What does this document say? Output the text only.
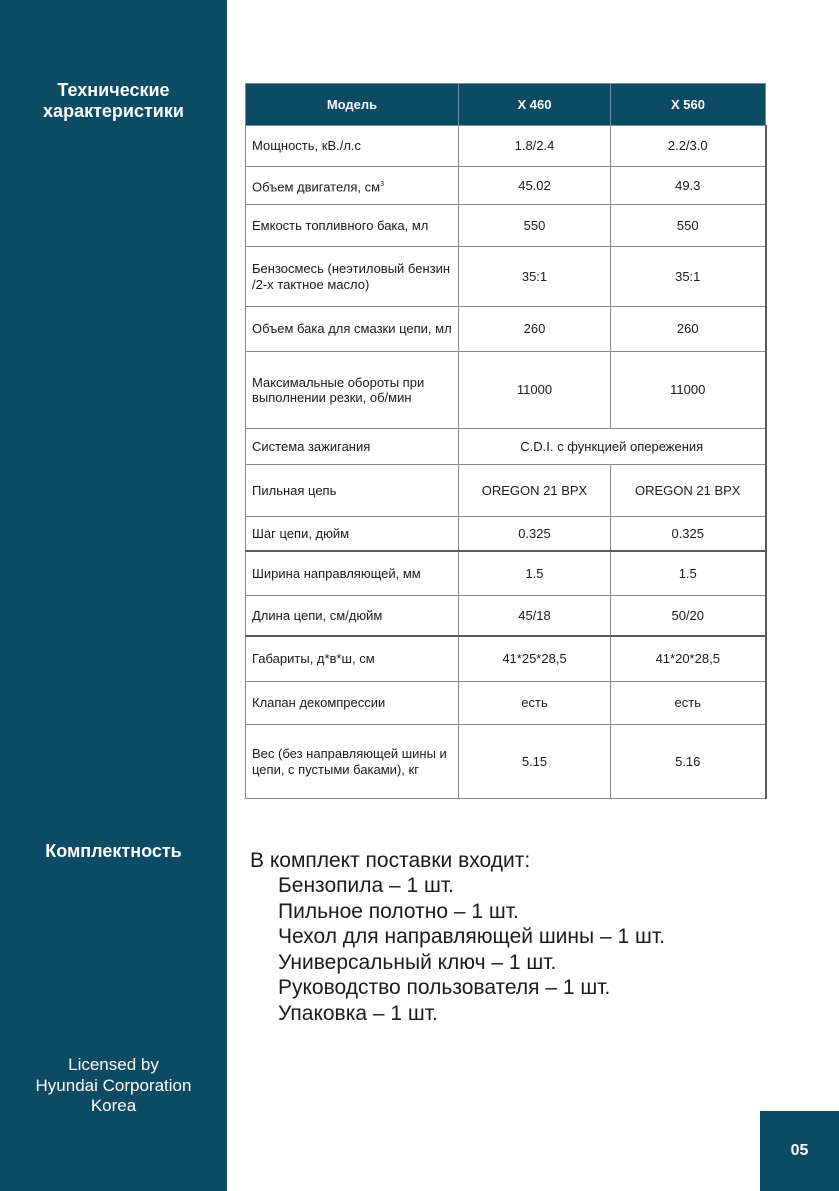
Технические
характеристики
Комплектность
Licensed by
Hyundai Corporation
Korea
Модель	X 460	X 560
Мощность, кВ./л.с	1.8/2.4	2.2/3.0
Объем двигателя, $см^3$	45.02	49.3
Емкость топливного бака, мл	550	550
Бензосмесь (неэтиловый бензин /2-х тактное масло)	35:1	35:1
Объем бака для смазки цепи, мл	260	260
Максимальные обороты при выполнении резки, об/мин	11000	11000
Система зажигания	C.D.I. с функцией опережения	
Пильная цепь	OREGON 21 BPX	OREGON 21 BPX
Шаг цепи, дюйм	0.325	0.325
Ширина направляющей, мм	1.5	1.5
Длина цепи, см/дюйм	45/18	50/20
Габариты, д*в*ш, см	41*25*28,5	41*20*28,5
Клапан декомпрессии	есть	есть
Вес (без направляющей шины и цепи, с пустыми баками), кг	5.15	5.16
В комплект поставки входит:
Бензопила – 1 шт.
Пильное полотно – 1 шт.
Чехол для направляющей шины – 1 шт.
Универсальный ключ – 1 шт.
Руководство пользователя – 1 шт.
Упаковка – 1 шт.
05
